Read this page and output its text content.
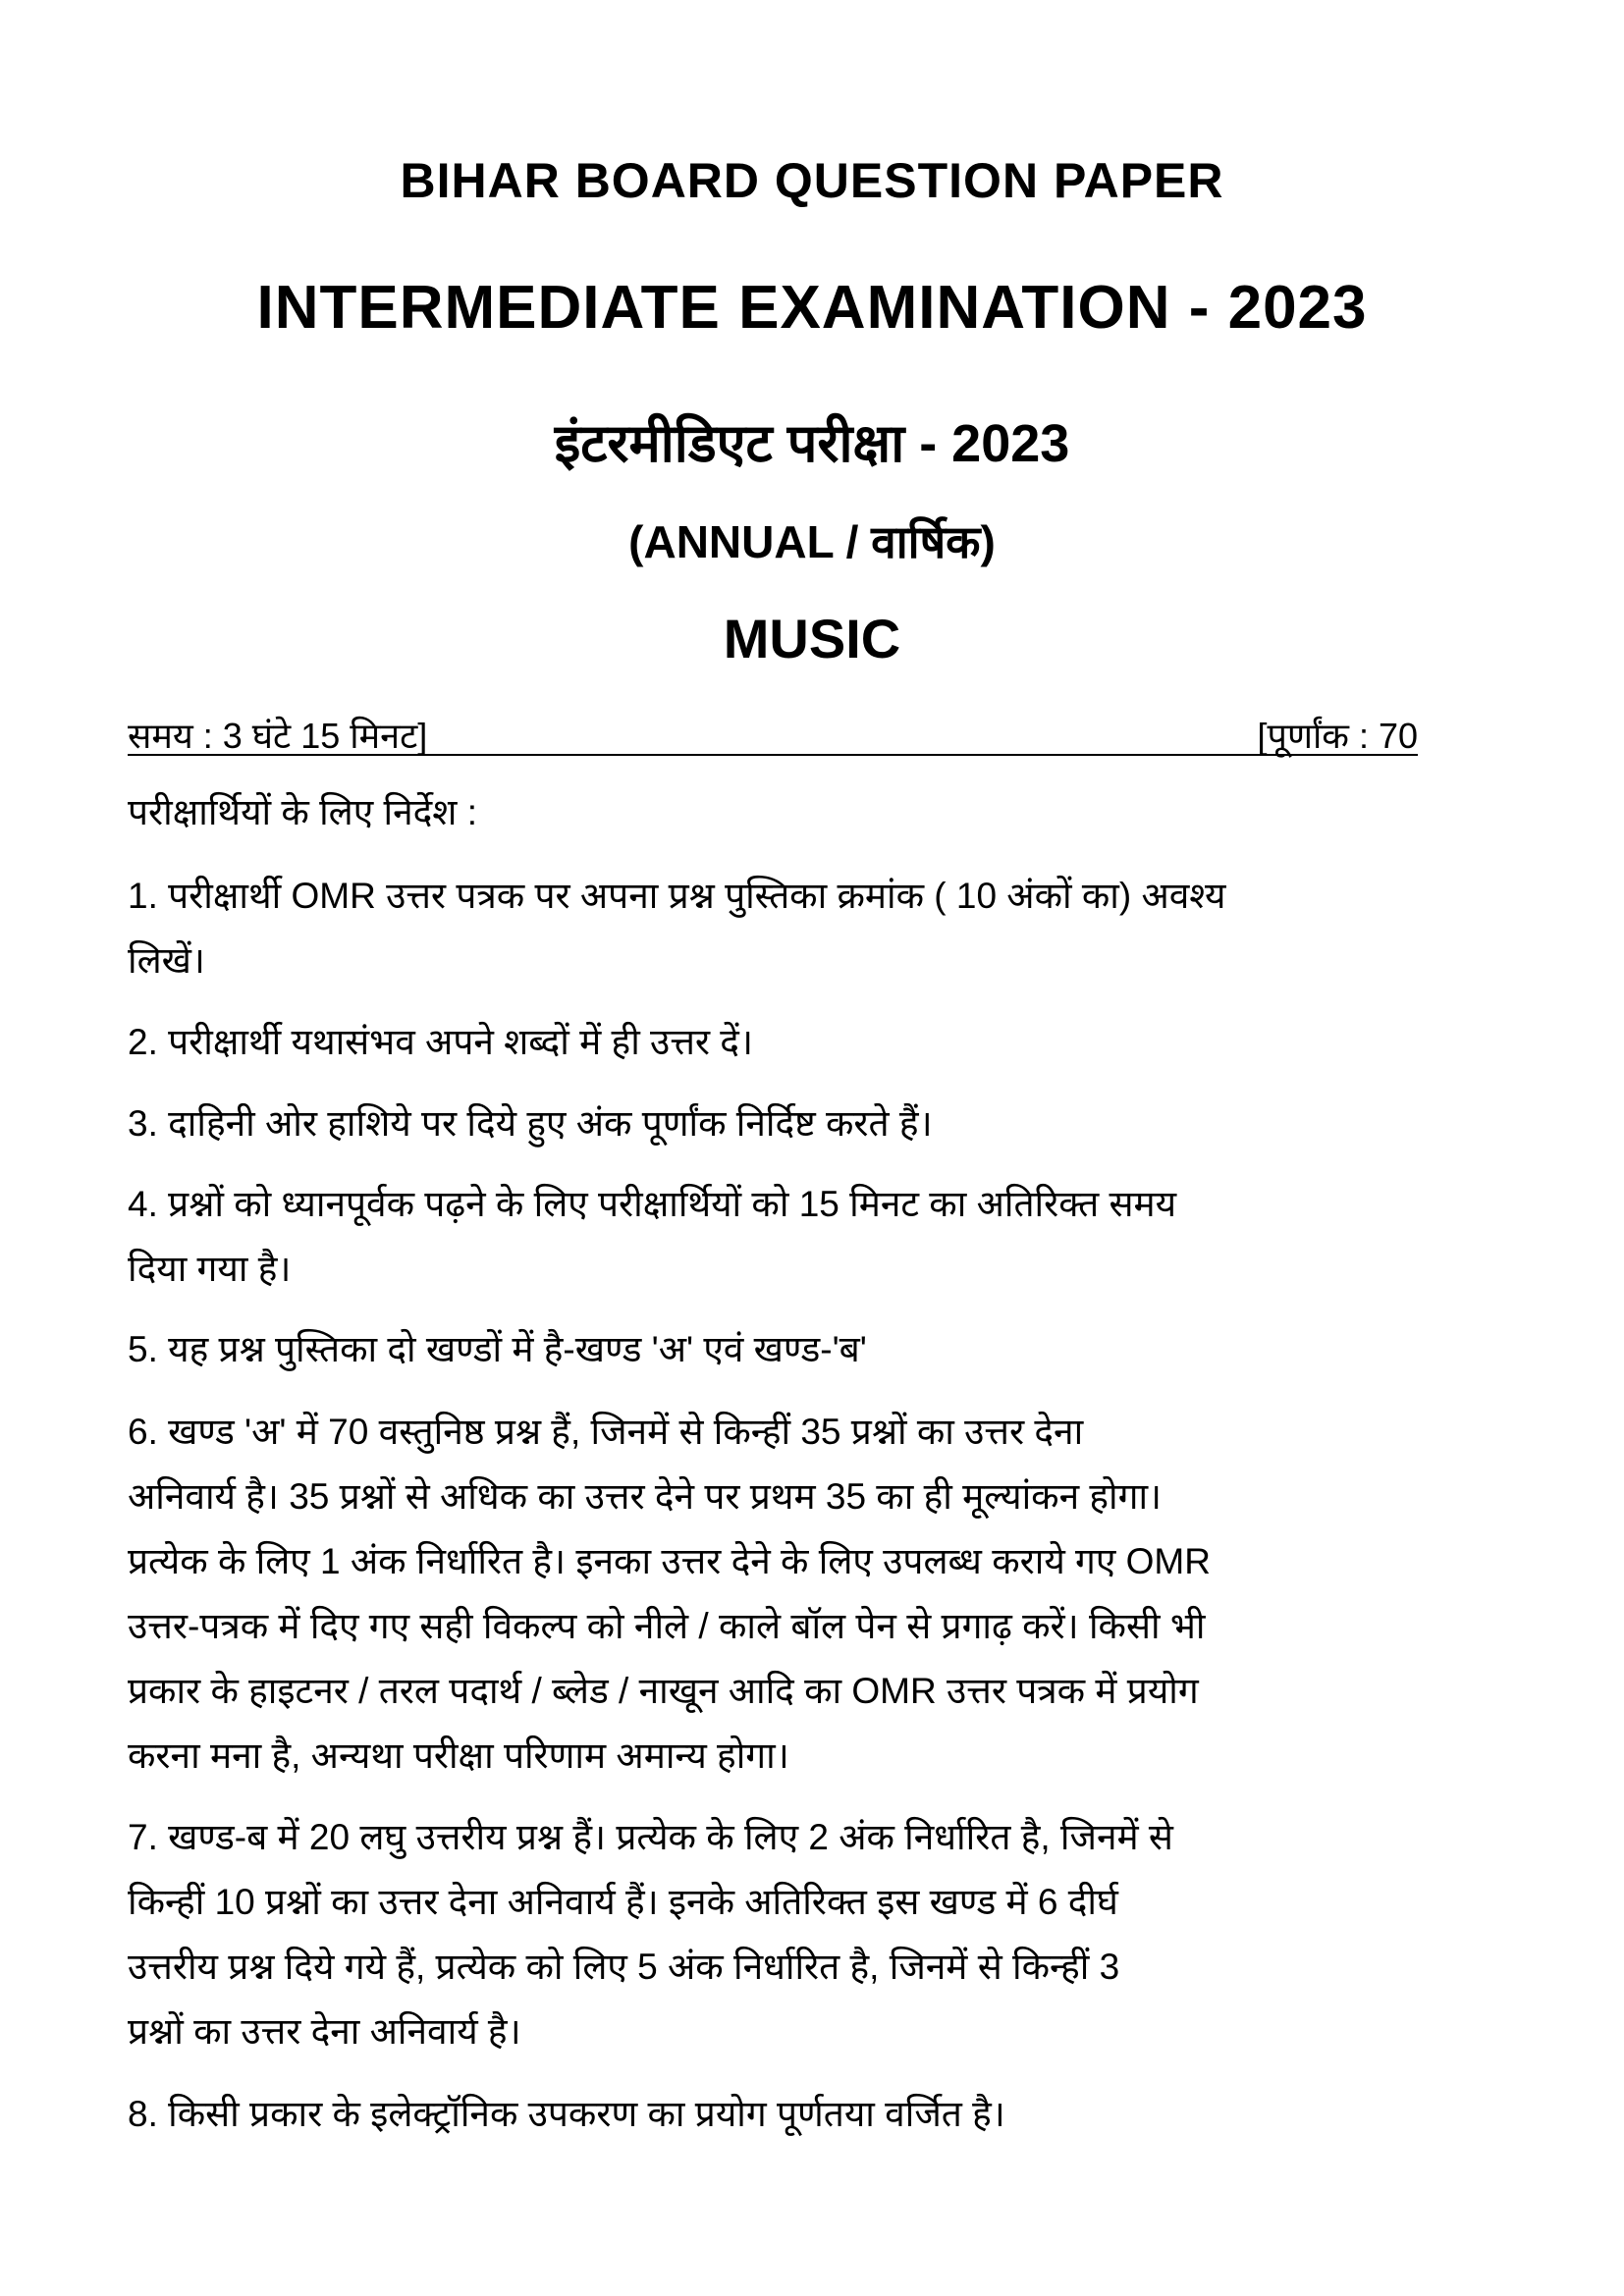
BIHAR BOARD QUESTION PAPER
INTERMEDIATE EXAMINATION - 2023
इंटरमीडिएट परीक्षा - 2023
(ANNUAL / वार्षिक)
MUSIC
समय : 3 घंटे 15 मिनट]	[पूर्णांक : 70
परीक्षार्थियों के लिए निर्देश :
1. परीक्षार्थी OMR उत्तर पत्रक पर अपना प्रश्न पुस्तिका क्रमांक ( 10 अंकों का) अवश्य
लिखें।
2. परीक्षार्थी यथासंभव अपने शब्दों में ही उत्तर दें।
3. दाहिनी ओर हाशिये पर दिये हुए अंक पूर्णांक निर्दिष्ट करते हैं।
4. प्रश्नों को ध्यानपूर्वक पढ़ने के लिए परीक्षार्थियों को 15 मिनट का अतिरिक्त समय
दिया गया है।
5. यह प्रश्न पुस्तिका दो खण्डों में है-खण्ड 'अ' एवं खण्ड-'ब'
6. खण्ड 'अ' में 70 वस्तुनिष्ठ प्रश्न हैं, जिनमें से किन्हीं 35 प्रश्नों का उत्तर देना
अनिवार्य है। 35 प्रश्नों से अधिक का उत्तर देने पर प्रथम 35 का ही मूल्यांकन होगा।
प्रत्येक के लिए 1 अंक निर्धारित है। इनका उत्तर देने के लिए उपलब्ध कराये गए OMR
उत्तर-पत्रक में दिए गए सही विकल्प को नीले / काले बॉल पेन से प्रगाढ़ करें। किसी भी
प्रकार के हाइटनर / तरल पदार्थ / ब्लेड / नाखून आदि का OMR उत्तर पत्रक में प्रयोग
करना मना है, अन्यथा परीक्षा परिणाम अमान्य होगा।
7. खण्ड-ब में 20 लघु उत्तरीय प्रश्न हैं। प्रत्येक के लिए 2 अंक निर्धारित है, जिनमें से
किन्हीं 10 प्रश्नों का उत्तर देना अनिवार्य हैं। इनके अतिरिक्त इस खण्ड में 6 दीर्घ
उत्तरीय प्रश्न दिये गये हैं, प्रत्येक को लिए 5 अंक निर्धारित है, जिनमें से किन्हीं 3
प्रश्नों का उत्तर देना अनिवार्य है।
8. किसी प्रकार के इलेक्ट्रॉनिक उपकरण का प्रयोग पूर्णतया वर्जित है।
